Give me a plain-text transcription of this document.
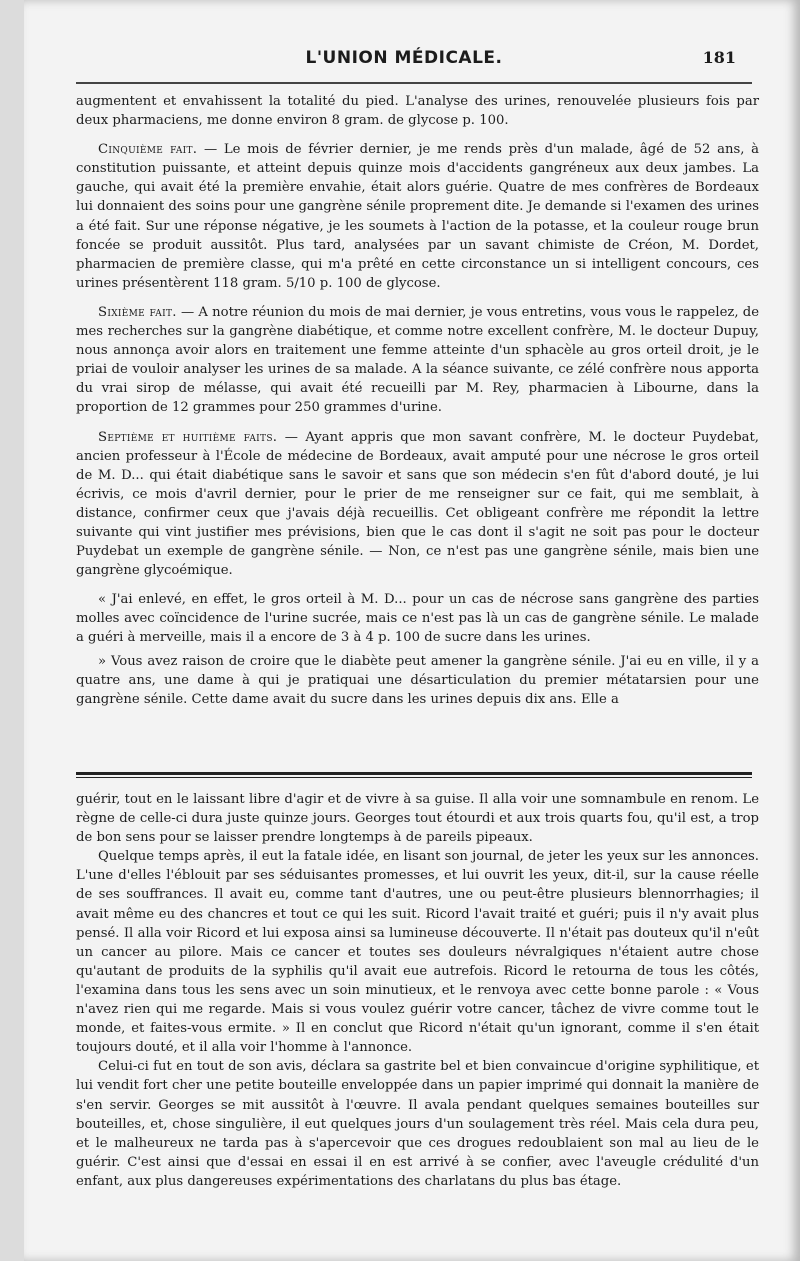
L'UNION MÉDICALE.	181

augmentent et envahissent la totalité du pied. L'analyse des urines, renouvelée plusieurs fois par deux pharmaciens, me donne environ 8 gram. de glycose p. 100.

Cinquième fait. — Le mois de février dernier, je me rends près d'un malade, âgé de 52 ans, à constitution puissante, et atteint depuis quinze mois d'accidents gangréneux aux deux jambes. La gauche, qui avait été la première envahie, était alors guérie. Quatre de mes confrères de Bordeaux lui donnaient des soins pour une gangrène sénile proprement dite. Je demande si l'examen des urines a été fait. Sur une réponse négative, je les soumets à l'action de la potasse, et la couleur rouge brun foncée se produit aussitôt. Plus tard, analysées par un savant chimiste de Créon, M. Dordet, pharmacien de première classe, qui m'a prêté en cette circonstance un si intelligent concours, ces urines présentèrent 118 gram. 5/10 p. 100 de glycose.

Sixième fait. — A notre réunion du mois de mai dernier, je vous entretins, vous vous le rappelez, de mes recherches sur la gangrène diabétique, et comme notre excellent confrère, M. le docteur Dupuy, nous annonça avoir alors en traitement une femme atteinte d'un sphacèle au gros orteil droit, je le priai de vouloir analyser les urines de sa malade. A la séance suivante, ce zélé confrère nous apporta du vrai sirop de mélasse, qui avait été recueilli par M. Rey, pharmacien à Libourne, dans la proportion de 12 grammes pour 250 grammes d'urine.

Septième et huitième faits. — Ayant appris que mon savant confrère, M. le docteur Puydebat, ancien professeur à l'École de médecine de Bordeaux, avait amputé pour une nécrose le gros orteil de M. D... qui était diabétique sans le savoir et sans que son médecin s'en fût d'abord douté, je lui écrivis, ce mois d'avril dernier, pour le prier de me renseigner sur ce fait, qui me semblait, à distance, confirmer ceux que j'avais déjà recueillis. Cet obligeant confrère me répondit la lettre suivante qui vint justifier mes prévisions, bien que le cas dont il s'agit ne soit pas pour le docteur Puydebat un exemple de gangrène sénile. — Non, ce n'est pas une gangrène sénile, mais bien une gangrène glycoémique.

« J'ai enlevé, en effet, le gros orteil à M. D... pour un cas de nécrose sans gangrène des parties molles avec coïncidence de l'urine sucrée, mais ce n'est pas là un cas de gangrène sénile. Le malade a guéri à merveille, mais il a encore de 3 à 4 p. 100 de sucre dans les urines.

» Vous avez raison de croire que le diabète peut amener la gangrène sénile. J'ai eu en ville, il y a quatre ans, une dame à qui je pratiquai une désarticulation du premier métatarsien pour une gangrène sénile. Cette dame avait du sucre dans les urines depuis dix ans. Elle a

guérir, tout en le laissant libre d'agir et de vivre à sa guise. Il alla voir une somnambule en renom. Le règne de celle-ci dura juste quinze jours. Georges tout étourdi et aux trois quarts fou, qu'il est, a trop de bon sens pour se laisser prendre longtemps à de pareils pipeaux.

Quelque temps après, il eut la fatale idée, en lisant son journal, de jeter les yeux sur les annonces. L'une d'elles l'éblouit par ses séduisantes promesses, et lui ouvrit les yeux, dit-il, sur la cause réelle de ses souffrances. Il avait eu, comme tant d'autres, une ou peut-être plusieurs blennorrhagies; il avait même eu des chancres et tout ce qui les suit. Ricord l'avait traité et guéri; puis il n'y avait plus pensé. Il alla voir Ricord et lui exposa ainsi sa lumineuse découverte. Il n'était pas douteux qu'il n'eût un cancer au pilore. Mais ce cancer et toutes ses douleurs névralgiques n'étaient autre chose qu'autant de produits de la syphilis qu'il avait eue autrefois. Ricord le retourna de tous les côtés, l'examina dans tous les sens avec un soin minutieux, et le renvoya avec cette bonne parole : « Vous n'avez rien qui me regarde. Mais si vous voulez guérir votre cancer, tâchez de vivre comme tout le monde, et faites-vous ermite. » Il en conclut que Ricord n'était qu'un ignorant, comme il s'en était toujours douté, et il alla voir l'homme à l'annonce.

Celui-ci fut en tout de son avis, déclara sa gastrite bel et bien convaincue d'origine syphilitique, et lui vendit fort cher une petite bouteille enveloppée dans un papier imprimé qui donnait la manière de s'en servir. Georges se mit aussitôt à l'œuvre. Il avala pendant quelques semaines bouteilles sur bouteilles, et, chose singulière, il eut quelques jours d'un soulagement très réel. Mais cela dura peu, et le malheureux ne tarda pas à s'apercevoir que ces drogues redoublaient son mal au lieu de le guérir. C'est ainsi que d'essai en essai il en est arrivé à se confier, avec l'aveugle crédulité d'un enfant, aux plus dangereuses expérimentations des charlatans du plus bas étage.
